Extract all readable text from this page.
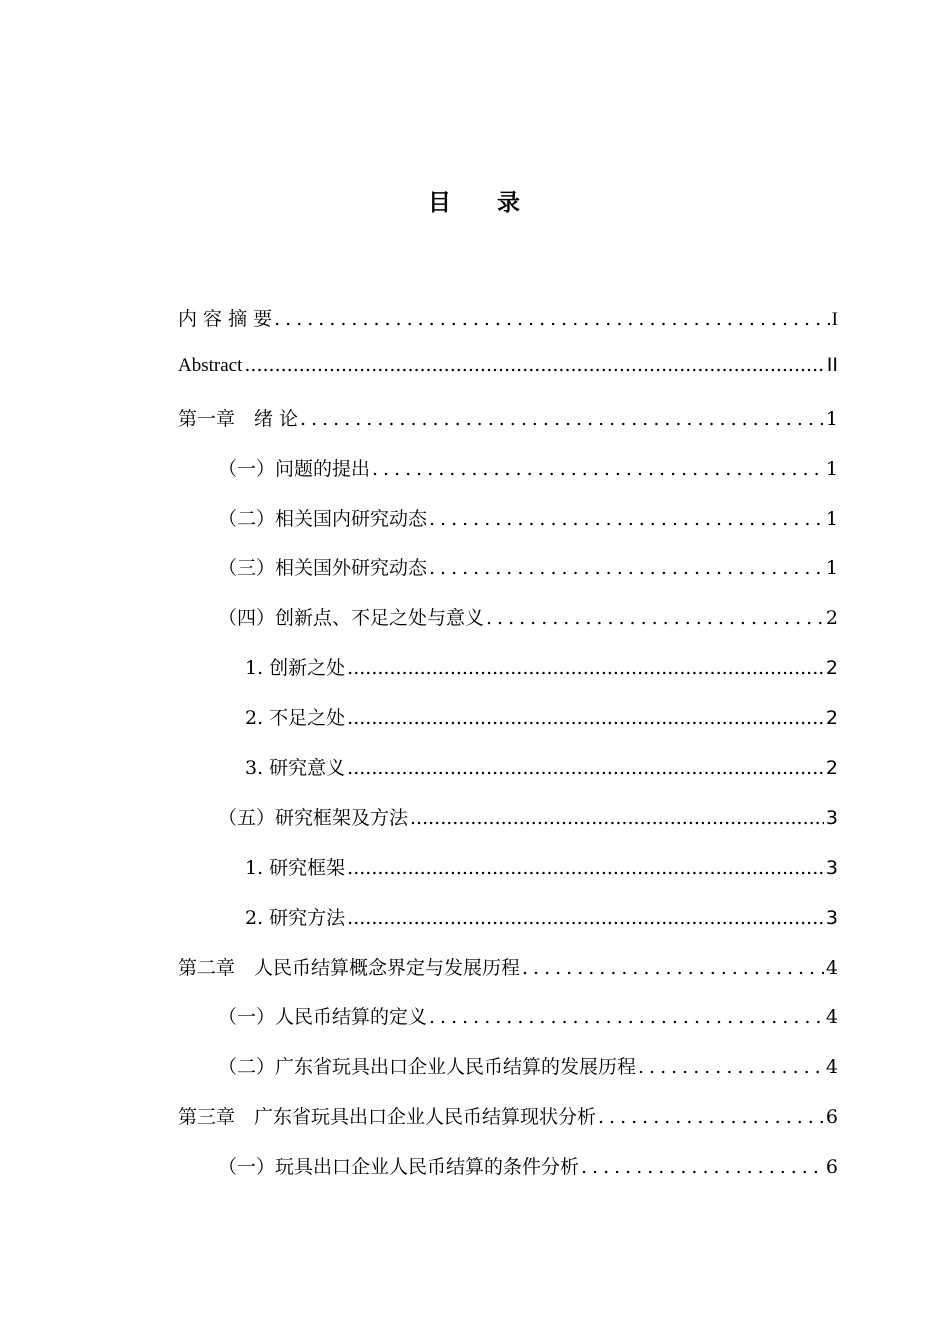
目 录
内 容 摘 要 .....	I
Abstract .....	II
第一章　绪 论 .....	1
（一）问题的提出 .....	1
（二）相关国内研究动态 .....	1
（三）相关国外研究动态 .....	1
（四）创新点、不足之处与意义 .....	2
1. 创新之处 .....	2
2. 不足之处 .....	2
3. 研究意义 .....	2
（五）研究框架及方法 .....	3
1. 研究框架 .....	3
2. 研究方法 .....	3
第二章　人民币结算概念界定与发展历程 .....	4
（一）人民币结算的定义 .....	4
（二）广东省玩具出口企业人民币结算的发展历程 .....	4
第三章　广东省玩具出口企业人民币结算现状分析 .....	6
（一）玩具出口企业人民币结算的条件分析 .....	6
